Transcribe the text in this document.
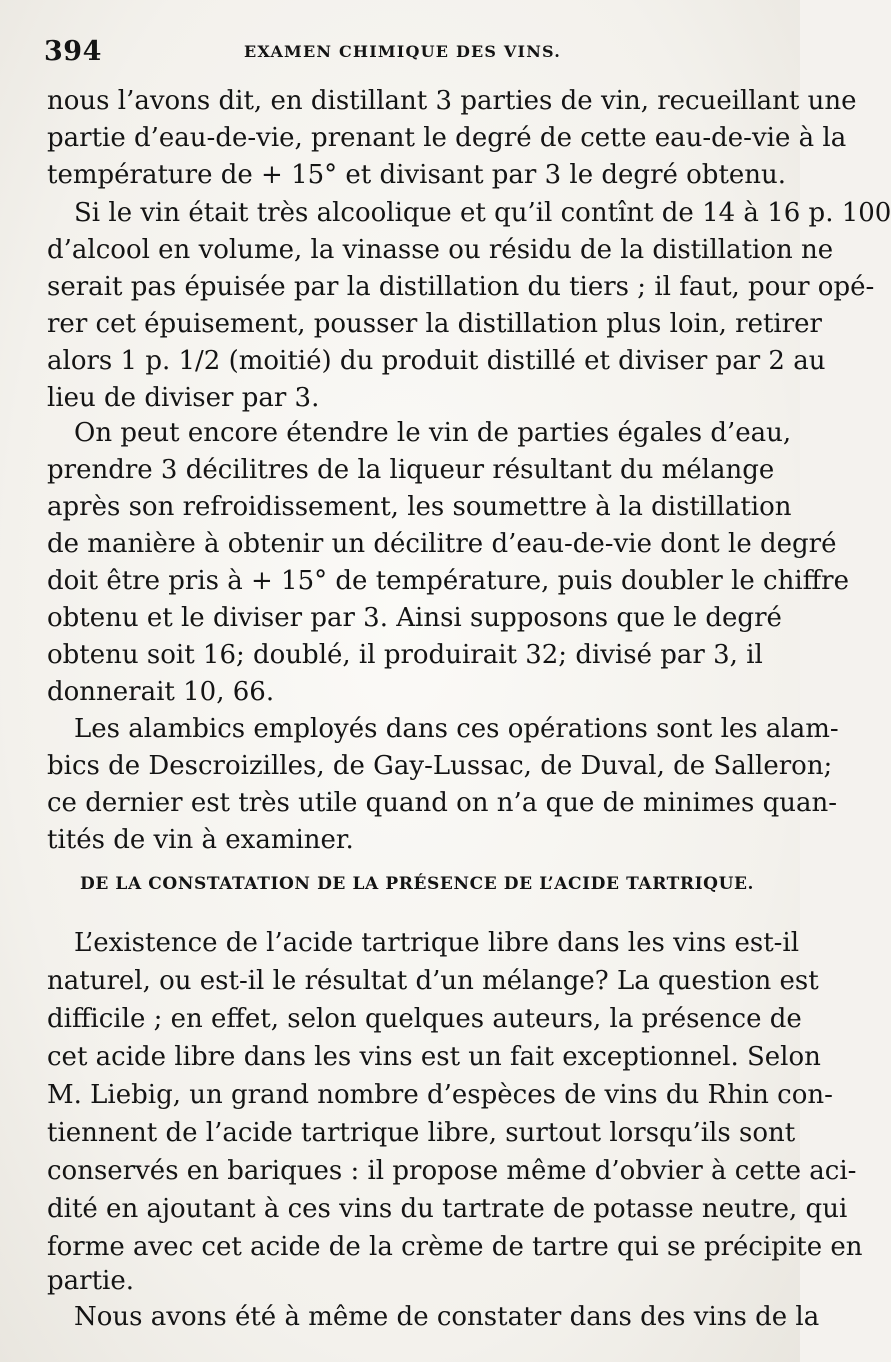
394	EXAMEN CHIMIQUE DES VINS.
nous l’avons dit, en distillant 3 parties de vin, recueillant une
partie d’eau-de-vie, prenant le degré de cette eau-de-vie à la
température de + 15° et divisant par 3 le degré obtenu.
Si le vin était très alcoolique et qu’il contînt de 14 à 16 p. 100
d’alcool en volume, la vinasse ou résidu de la distillation ne
serait pas épuisée par la distillation du tiers ; il faut, pour opé-
rer cet épuisement, pousser la distillation plus loin, retirer
alors 1 p. 1/2 (moitié) du produit distillé et diviser par 2 au
lieu de diviser par 3.
On peut encore étendre le vin de parties égales d’eau,
prendre 3 décilitres de la liqueur résultant du mélange
après son refroidissement, les soumettre à la distillation
de manière à obtenir un décilitre d’eau-de-vie dont le degré
doit être pris à + 15° de température, puis doubler le chiffre
obtenu et le diviser par 3. Ainsi supposons que le degré
obtenu soit 16; doublé, il produirait 32; divisé par 3, il
donnerait 10, 66.
Les alambics employés dans ces opérations sont les alam-
bics de Descroizilles, de Gay-Lussac, de Duval, de Salleron;
ce dernier est très utile quand on n’a que de minimes quan-
tités de vin à examiner.
DE LA CONSTATATION DE LA PRÉSENCE DE L’ACIDE TARTRIQUE.
L’existence de l’acide tartrique libre dans les vins est-il
naturel, ou est-il le résultat d’un mélange? La question est
difficile ; en effet, selon quelques auteurs, la présence de
cet acide libre dans les vins est un fait exceptionnel. Selon
M. Liebig, un grand nombre d’espèces de vins du Rhin con-
tiennent de l’acide tartrique libre, surtout lorsqu’ils sont
conservés en bariques : il propose même d’obvier à cette aci-
dité en ajoutant à ces vins du tartrate de potasse neutre, qui
forme avec cet acide de la crème de tartre qui se précipite en
partie.
Nous avons été à même de constater dans des vins de la
